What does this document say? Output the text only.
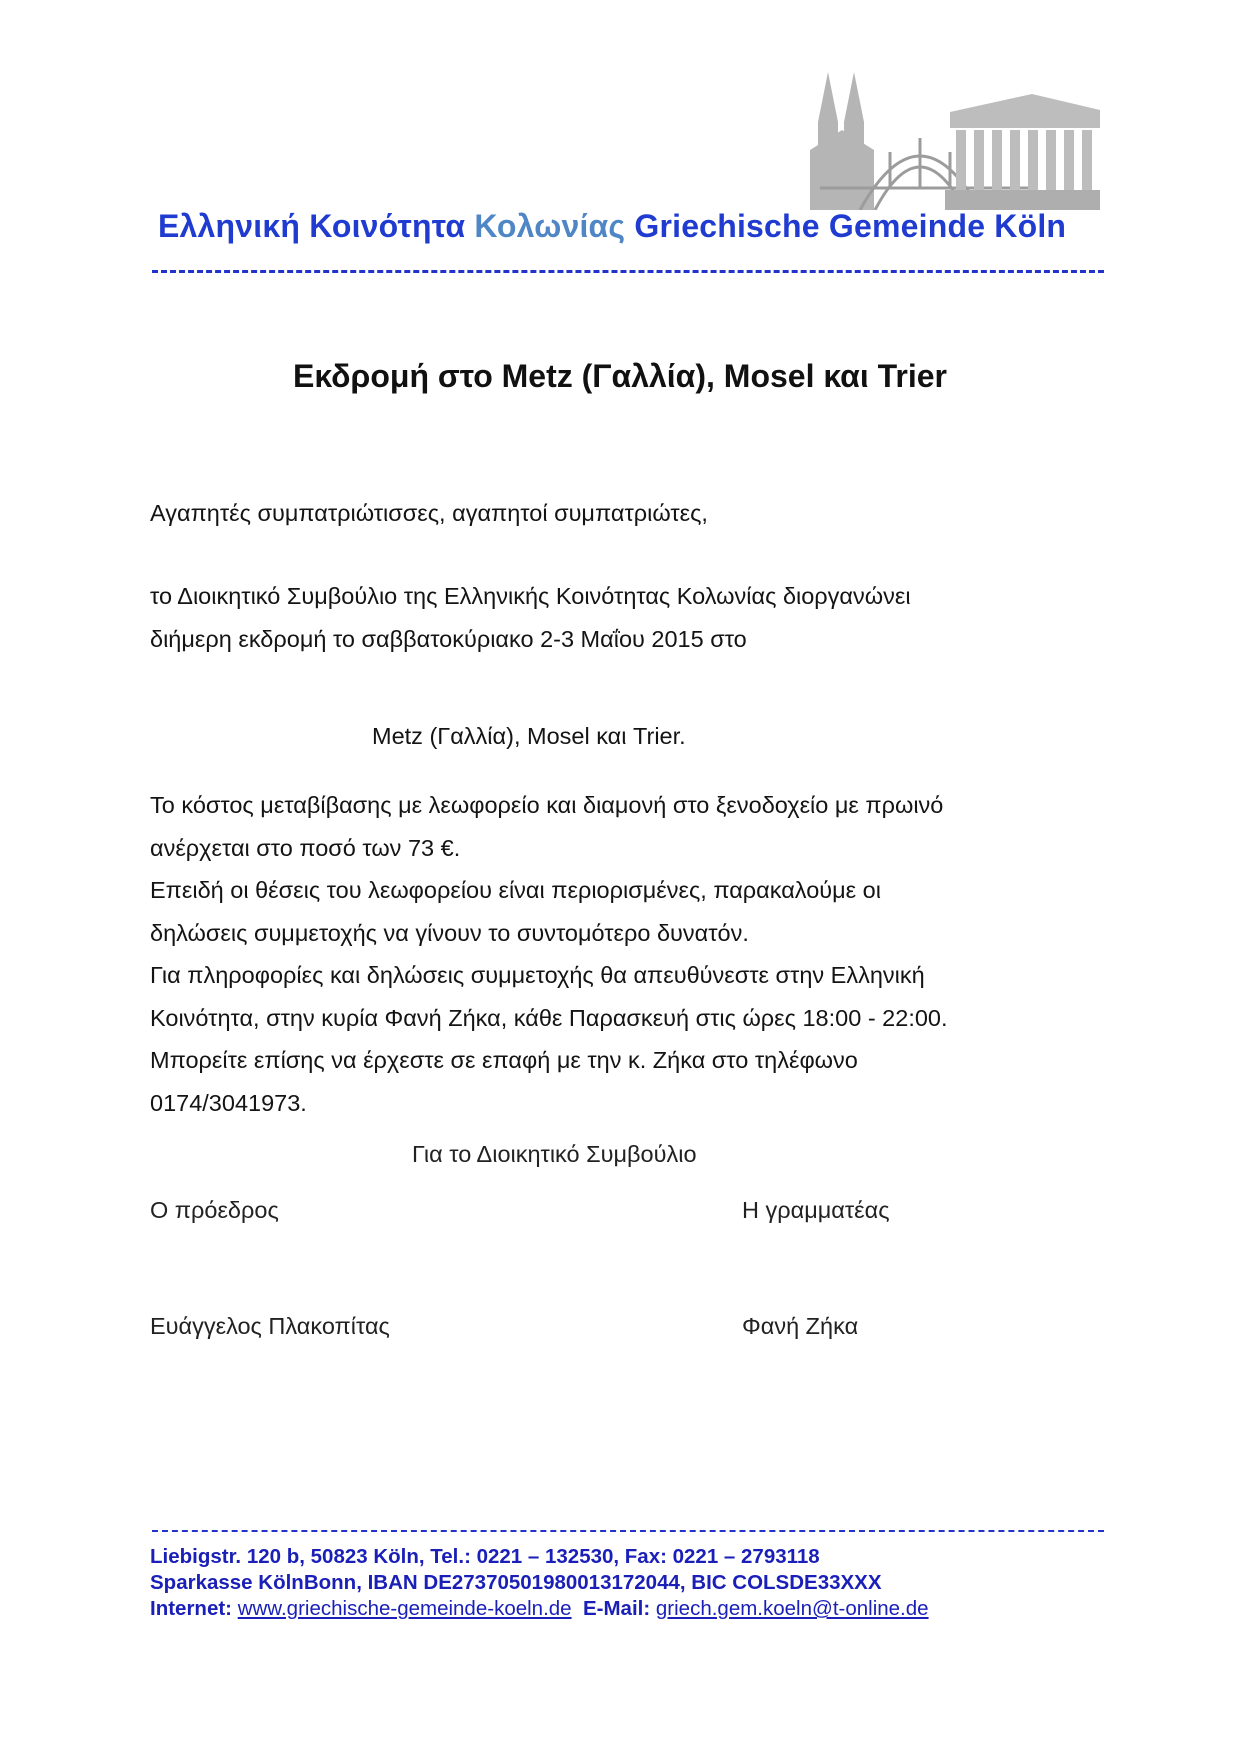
Ελληνική Κοινότητα Κολωνίας Griechische Gemeinde Köln
Εκδρομή στο Metz (Γαλλία), Mosel και Trier
Αγαπητές συμπατριώτισσες, αγαπητοί συμπατριώτες,
το Διοικητικό Συμβούλιο της Ελληνικής Κοινότητας Κολωνίας διοργανώνει
διήμερη εκδρομή το σαββατοκύριακο 2-3 Μαΐου 2015 στο
Metz (Γαλλία), Mosel και Trier.
Το κόστος μεταβίβασης με λεωφορείο και διαμονή στο ξενοδοχείο με πρωινό
ανέρχεται στο ποσό των 73 €.
Επειδή οι θέσεις του λεωφορείου είναι περιορισμένες, παρακαλούμε οι
δηλώσεις συμμετοχής να γίνουν το συντομότερο δυνατόν.
Για πληροφορίες και δηλώσεις συμμετοχής θα απευθύνεστε στην Ελληνική
Κοινότητα, στην κυρία Φανή Ζήκα, κάθε Παρασκευή στις ώρες 18:00 - 22:00.
Μπορείτε επίσης να έρχεστε σε επαφή με την κ. Ζήκα στο τηλέφωνο
0174/3041973.
Για το Διοικητικό Συμβούλιο
Ο πρόεδρος	Η γραμματέας
Ευάγγελος Πλακοπίτας	Φανή Ζήκα
Liebigstr. 120 b, 50823 Köln, Tel.: 0221 – 132530, Fax: 0221 – 2793118
Sparkasse KölnBonn, IBAN DE27370501980013172044, BIC COLSDE33XXX
Internet: www.griechische-gemeinde-koeln.de E-Mail: griech.gem.koeln@t-online.de
